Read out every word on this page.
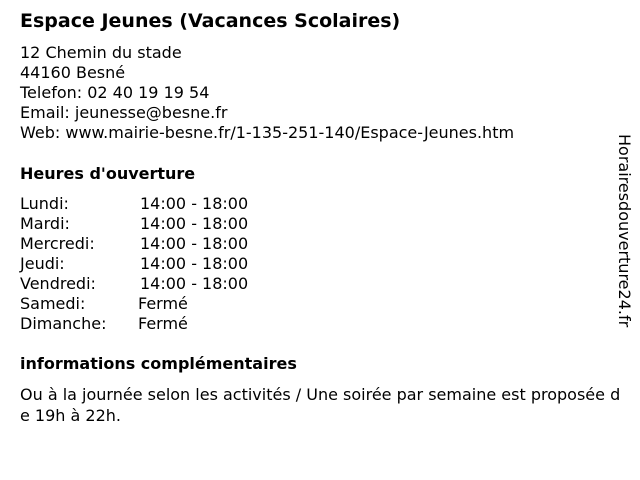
Espace Jeunes (Vacances Scolaires)
12 Chemin du stade
44160 Besné
Telefon: 02 40 19 19 54
Email: jeunesse@besne.fr
Web: www.mairie-besne.fr/1-135-251-140/Espace-Jeunes.htm
Heures d'ouverture
Lundi:	14:00 - 18:00
Mardi:	14:00 - 18:00
Mercredi:	14:00 - 18:00
Jeudi:	14:00 - 18:00
Vendredi:	14:00 - 18:00
Samedi:	Fermé
Dimanche:	Fermé
informations complémentaires
Ou à la journée selon les activités / Une soirée par semaine est proposée de 19h à 22h.
Horairesdouverture24.fr
